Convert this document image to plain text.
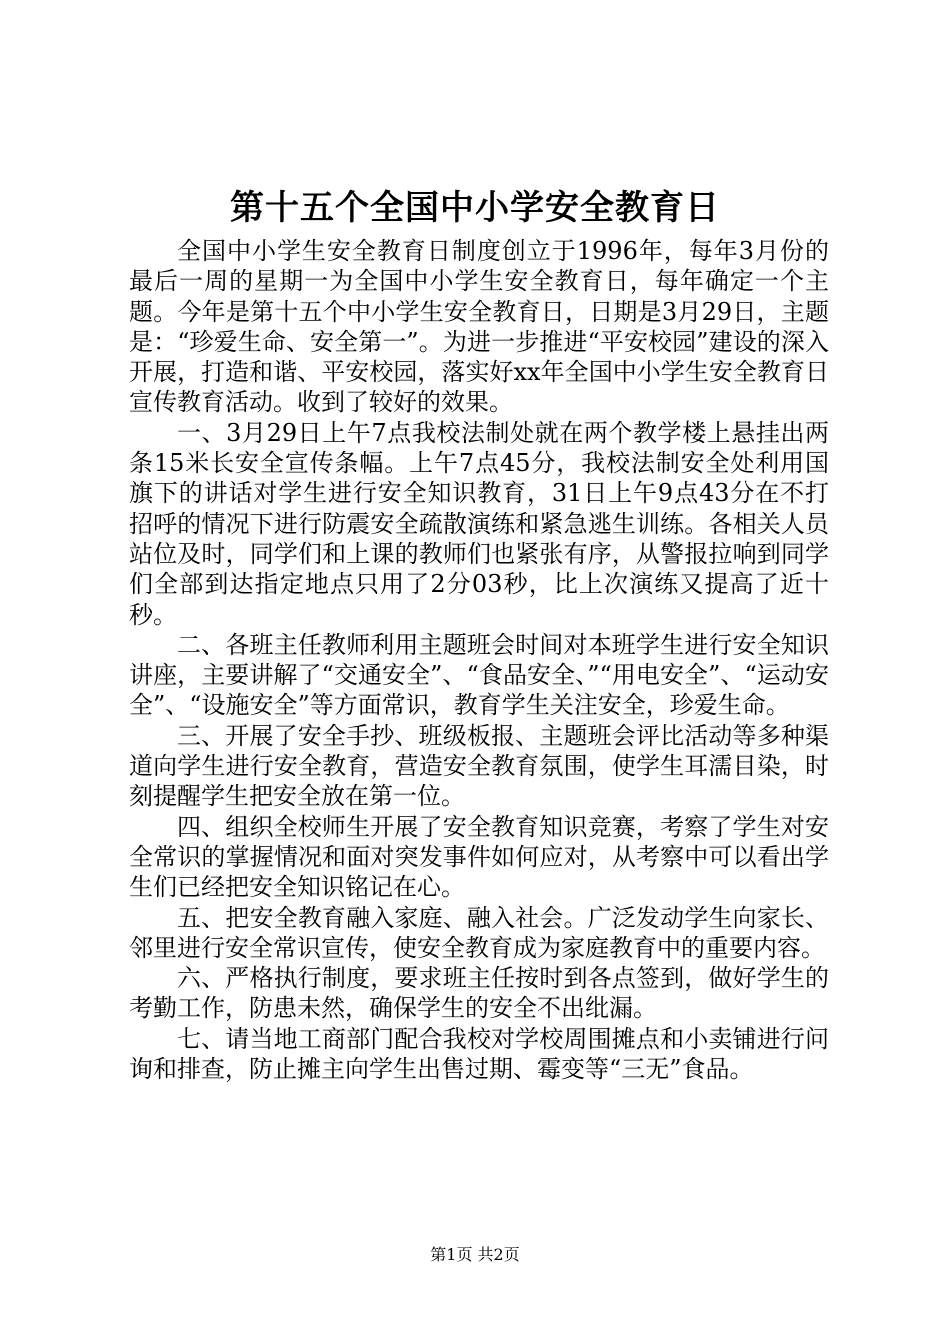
第十五个全国中小学安全教育日

全国中小学生安全教育日制度创立于1996年，每年3月份的最后一周的星期一为全国中小学生安全教育日，每年确定一个主题。今年是第十五个中小学生安全教育日，日期是3月29日，主题是：“珍爱生命、安全第一”。为进一步推进“平安校园”建设的深入开展，打造和谐、平安校园，落实好xx年全国中小学生安全教育日宣传教育活动。收到了较好的效果。

一、3月29日上午7点我校法制处就在两个教学楼上悬挂出两条15米长安全宣传条幅。上午7点45分，我校法制安全处利用国旗下的讲话对学生进行安全知识教育，31日上午9点43分在不打招呼的情况下进行防震安全疏散演练和紧急逃生训练。各相关人员站位及时，同学们和上课的教师们也紧张有序，从警报拉响到同学们全部到达指定地点只用了2分03秒，比上次演练又提高了近十秒。

二、各班主任教师利用主题班会时间对本班学生进行安全知识讲座，主要讲解了“交通安全”、“食品安全、”“用电安全”、“运动安全”、“设施安全”等方面常识，教育学生关注安全，珍爱生命。

三、开展了安全手抄、班级板报、主题班会评比活动等多种渠道向学生进行安全教育，营造安全教育氛围，使学生耳濡目染，时刻提醒学生把安全放在第一位。

四、组织全校师生开展了安全教育知识竞赛，考察了学生对安全常识的掌握情况和面对突发事件如何应对，从考察中可以看出学生们已经把安全知识铭记在心。

五、把安全教育融入家庭、融入社会。广泛发动学生向家长、邻里进行安全常识宣传，使安全教育成为家庭教育中的重要内容。

六、严格执行制度，要求班主任按时到各点签到，做好学生的考勤工作，防患未然，确保学生的安全不出纰漏。

七、请当地工商部门配合我校对学校周围摊点和小卖铺进行问询和排查，防止摊主向学生出售过期、霉变等“三无”食品。

第1页 共2页
